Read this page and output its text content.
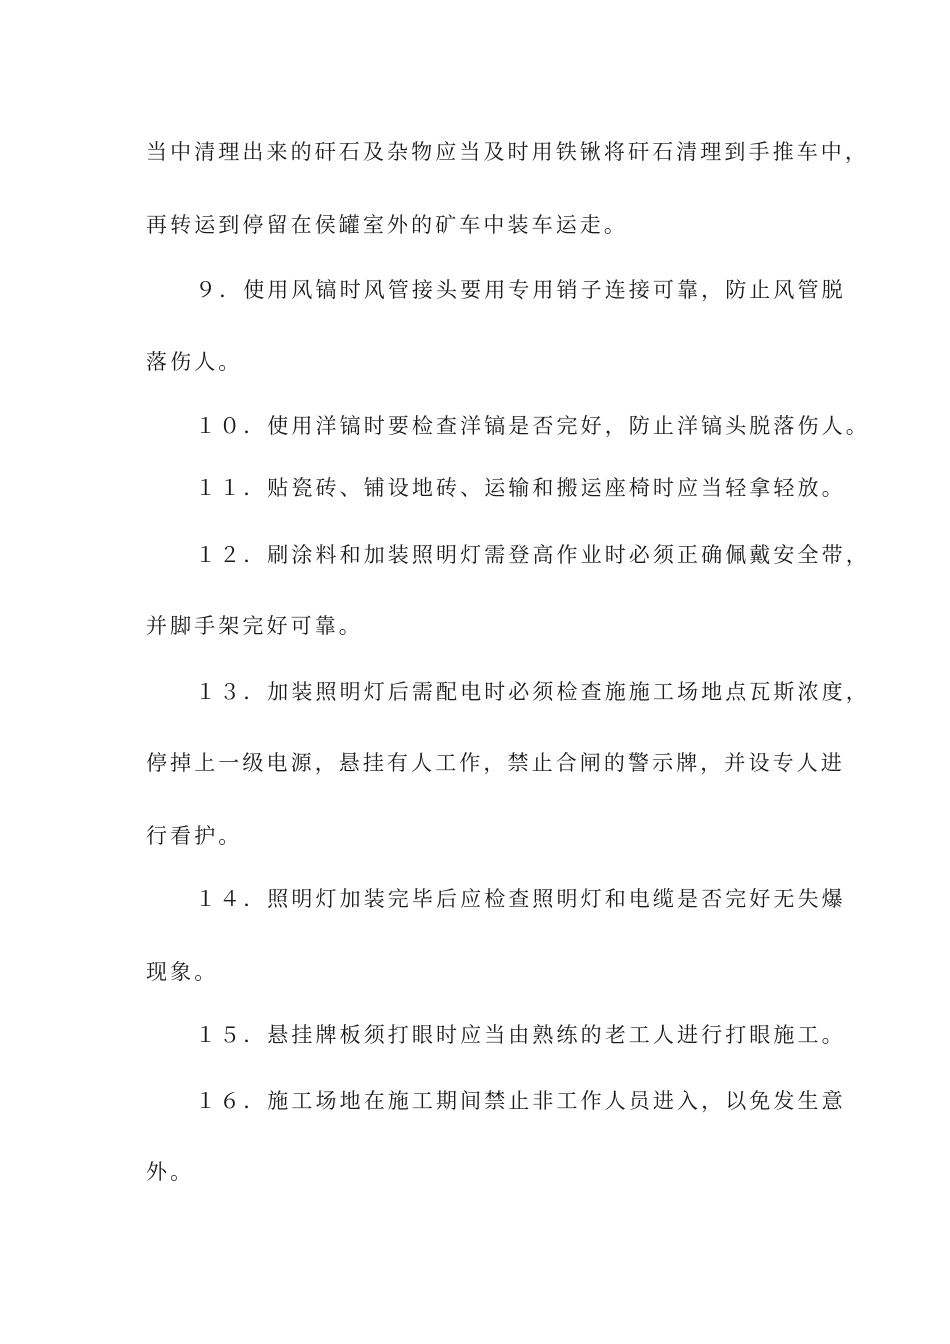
当中清理出来的矸石及杂物应当及时用铁锹将矸石清理到手推车中，
再转运到停留在侯罐室外的矿车中装车运走。
９．使用风镐时风管接头要用专用销子连接可靠，防止风管脱
落伤人。
１０．使用洋镐时要检查洋镐是否完好，防止洋镐头脱落伤人。
１１．贴瓷砖、铺设地砖、运输和搬运座椅时应当轻拿轻放。
１２．刷涂料和加装照明灯需登高作业时必须正确佩戴安全带，
并脚手架完好可靠。
１３．加装照明灯后需配电时必须检查施施工场地点瓦斯浓度，
停掉上一级电源，悬挂有人工作，禁止合闸的警示牌，并设专人进
行看护。
１４．照明灯加装完毕后应检查照明灯和电缆是否完好无失爆
现象。
１５．悬挂牌板须打眼时应当由熟练的老工人进行打眼施工。
１６．施工场地在施工期间禁止非工作人员进入，以免发生意
外。
